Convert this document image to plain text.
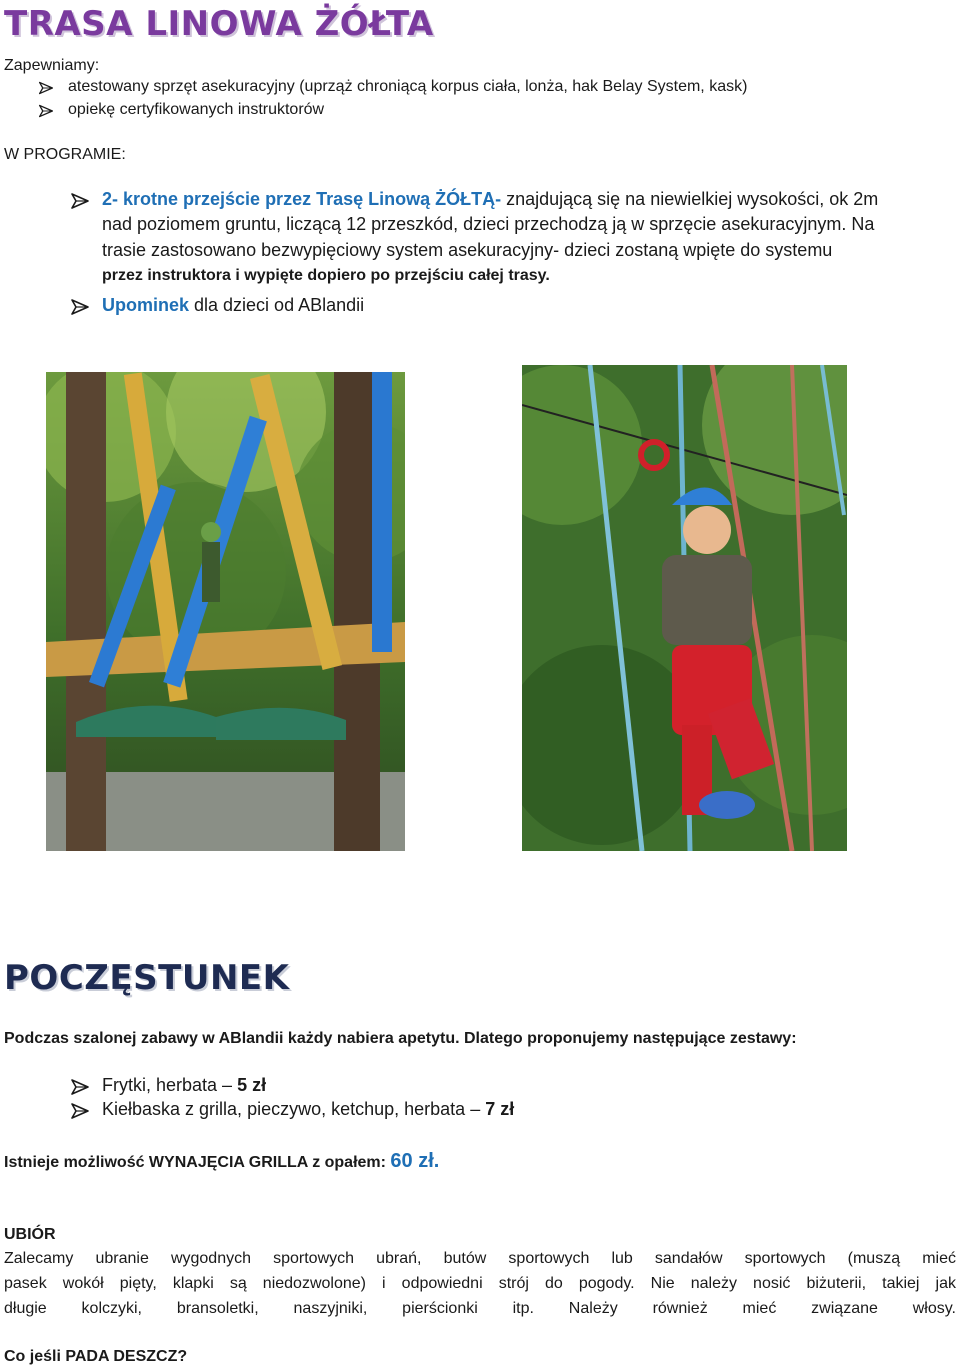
TRASA LINOWA ŻÓŁTA
Zapewniamy:
atestowany sprzęt asekuracyjny (uprząż chroniącą korpus ciała, lonża, hak Belay System, kask)
opiekę certyfikowanych instruktorów
W PROGRAMIE:
2- krotne przejście przez Trasę Linową ŻÓŁTĄ- znajdującą się na niewielkiej wysokości, ok 2m
nad poziomem gruntu, liczącą 12 przeszkód, dzieci przechodzą ją w sprzęcie asekuracyjnym. Na
trasie zastosowano bezwypięciowy system asekuracyjny- dzieci zostaną wpięte do systemu
przez instruktora i wypięte dopiero po przejściu całej trasy.
Upominek dla dzieci od ABlandii
POCZĘSTUNEK
Podczas szalonej zabawy w ABlandii każdy nabiera apetytu. Dlatego proponujemy następujące zestawy:
Frytki, herbata – 5 zł
Kiełbaska z grilla, pieczywo, ketchup, herbata – 7 zł
Istnieje możliwość WYNAJĘCIA GRILLA z opałem: 60 zł.
UBIÓR
Zalecamy ubranie wygodnych sportowych ubrań, butów sportowych lub sandałów sportowych (muszą mieć
pasek wokół pięty, klapki są niedozwolone) i odpowiedni strój do pogody. Nie należy nosić biżuterii, takiej jak
długie kolczyki, bransoletki, naszyjniki, pierścionki itp. Należy również mieć związane włosy.
Co jeśli PADA DESZCZ?
